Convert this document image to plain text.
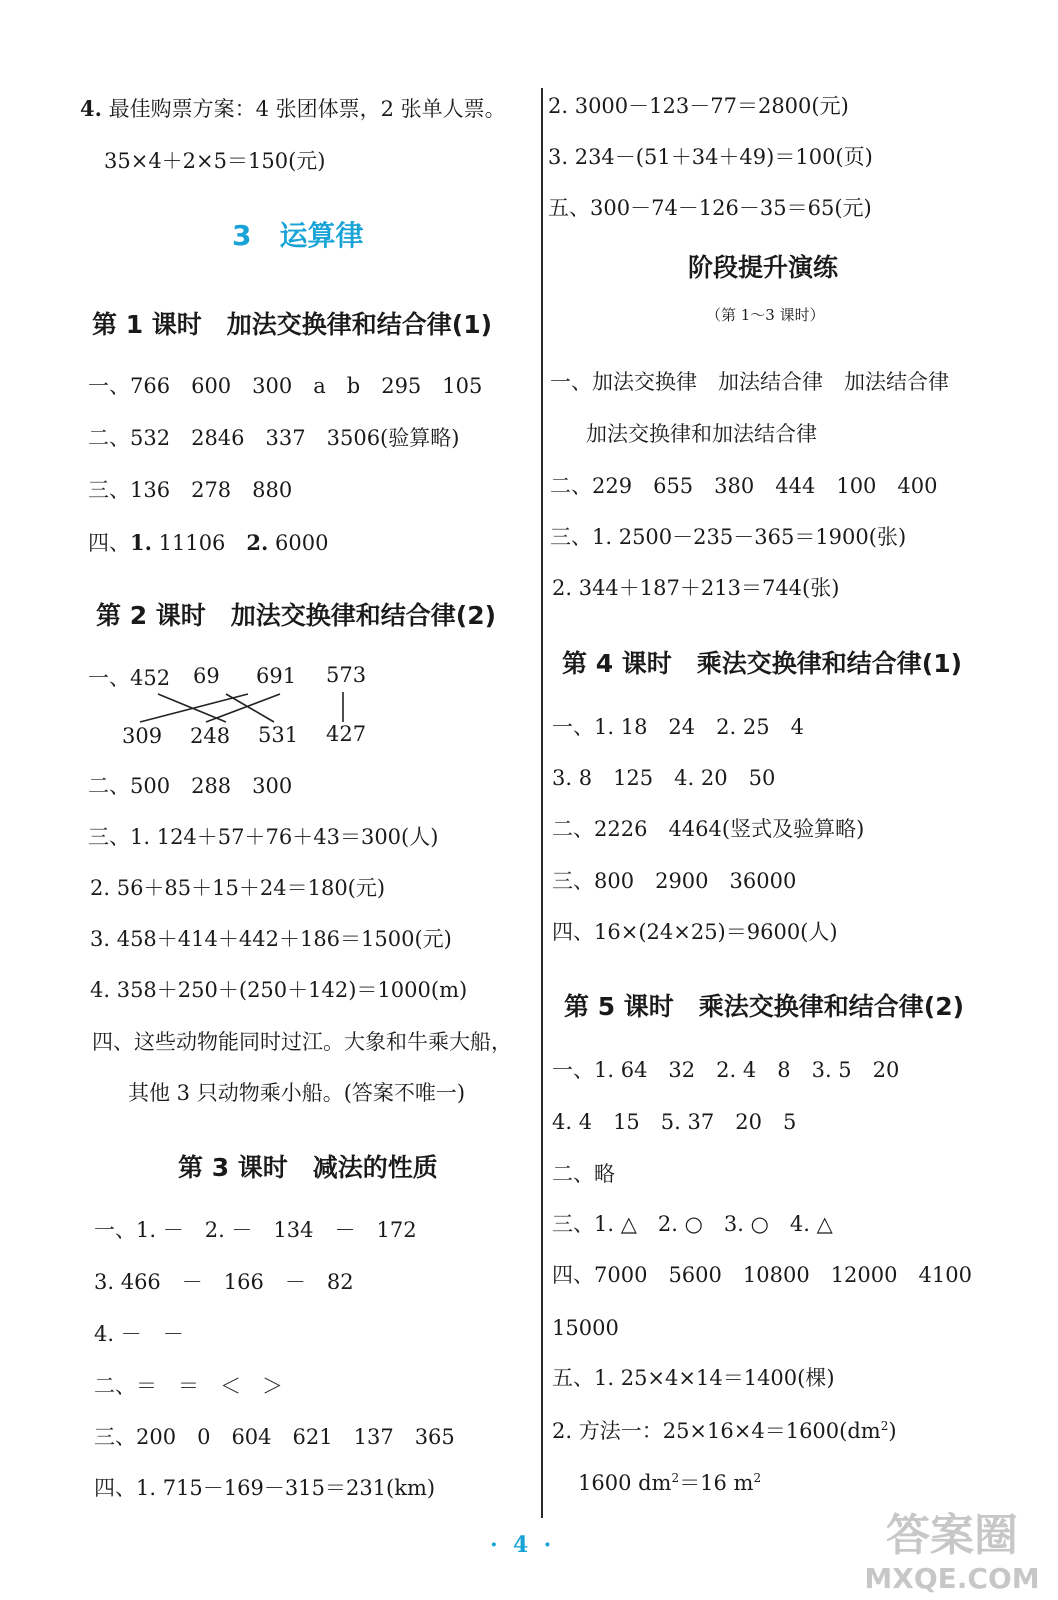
4. 最佳购票方案：4 张团体票，2 张单人票。
35×4＋2×5＝150(元)
3　运算律
第 1 课时　加法交换律和结合律(1)
一、766　600　300　a　b　295　105
二、532　2846　337　3506(验算略)
三、136　278　880
四、1. 11106　2. 6000
第 2 课时　加法交换律和结合律(2)
一、452 69 691 573
309 248 531 427
二、500　288　300
三、1. 124＋57＋76＋43＝300(人)
2. 56＋85＋15＋24＝180(元)
3. 458＋414＋442＋186＝1500(元)
4. 358＋250＋(250＋142)＝1000(m)
四、这些动物能同时过江。大象和牛乘大船，
其他 3 只动物乘小船。(答案不唯一)
第 3 课时　减法的性质
一、1. －　2. －　134　－　172
3. 466　－　166　－　82
4. －　－
二、＝　＝　＜　＞
三、200　0　604　621　137　365
四、1. 715－169－315＝231(km)
2. 3000－123－77＝2800(元)
3. 234－(51＋34＋49)＝100(页)
五、300－74－126－35＝65(元)
阶段提升演练
（第 1～3 课时）
一、加法交换律　加法结合律　加法结合律
加法交换律和加法结合律
二、229　655　380　444　100　400
三、1. 2500－235－365＝1900(张)
2. 344＋187＋213＝744(张)
第 4 课时　乘法交换律和结合律(1)
一、1. 18　24　2. 25　4
3. 8　125　4. 20　50
二、2226　4464(竖式及验算略)
三、800　2900　36000
四、16×(24×25)＝9600(人)
第 5 课时　乘法交换律和结合律(2)
一、1. 64　32　2. 4　8　3. 5　20
4. 4　15　5. 37　20　5
二、略
三、1. △　2. ○　3. ○　4. △
四、7000　5600　10800　12000　4100
15000
五、1. 25×4×14＝1400(棵)
2. 方法一：$25\times 16\times 4=1600(dm^2)$
1600 $dm^2=16$ $m^2$
·  4  ·	答案圈
MXQE.COM
